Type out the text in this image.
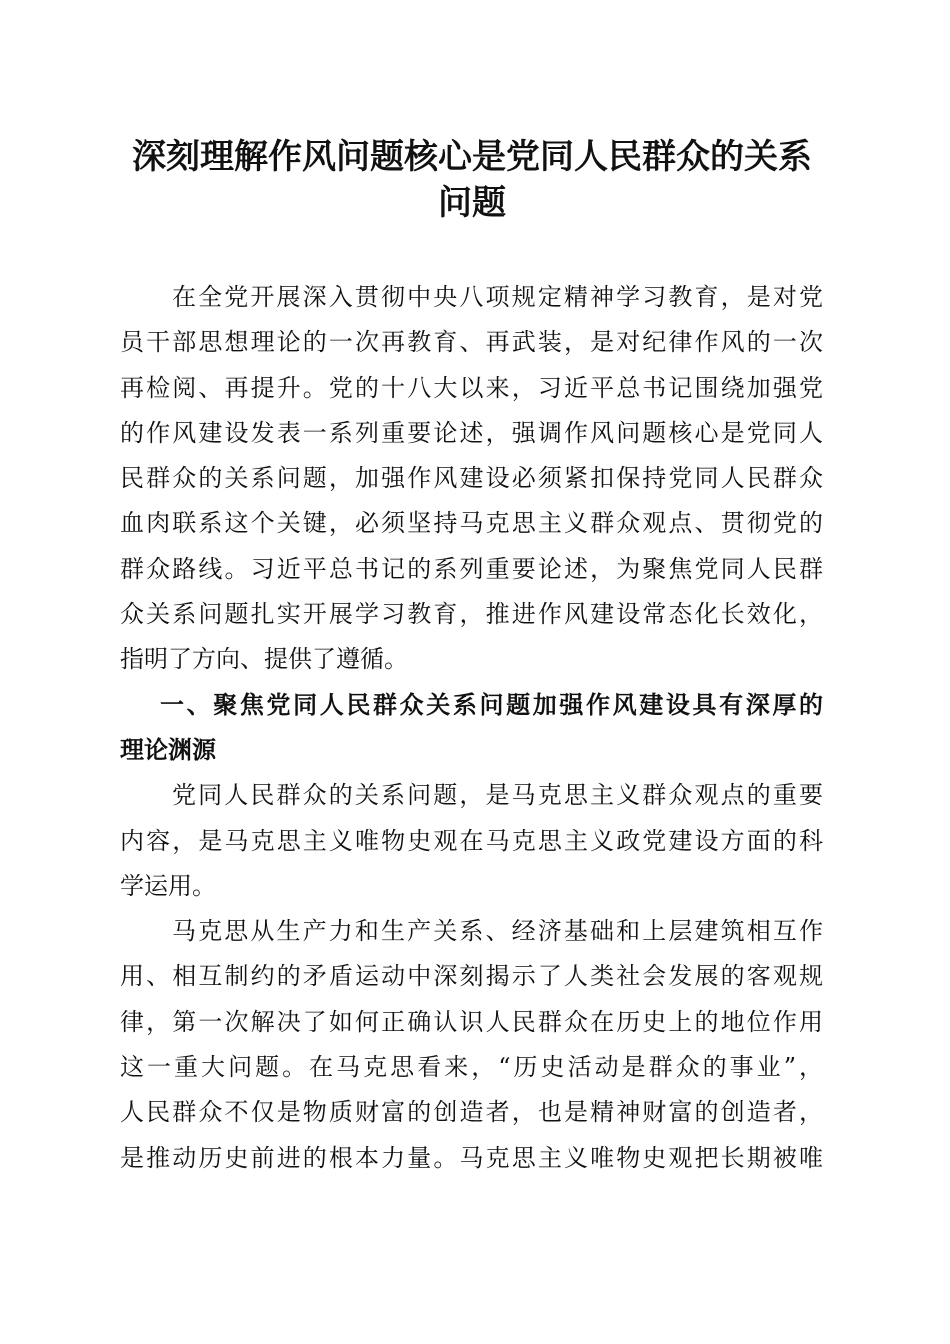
深刻理解作风问题核心是党同人民群众的关系
问题
在全党开展深入贯彻中央八项规定精神学习教育，是对党
员干部思想理论的一次再教育、再武装，是对纪律作风的一次
再检阅、再提升。党的十八大以来，习近平总书记围绕加强党
的作风建设发表一系列重要论述，强调作风问题核心是党同人
民群众的关系问题，加强作风建设必须紧扣保持党同人民群众
血肉联系这个关键，必须坚持马克思主义群众观点、贯彻党的
群众路线。习近平总书记的系列重要论述，为聚焦党同人民群
众关系问题扎实开展学习教育，推进作风建设常态化长效化，
指明了方向、提供了遵循。
一、聚焦党同人民群众关系问题加强作风建设具有深厚的
理论渊源
党同人民群众的关系问题，是马克思主义群众观点的重要
内容，是马克思主义唯物史观在马克思主义政党建设方面的科
学运用。
马克思从生产力和生产关系、经济基础和上层建筑相互作
用、相互制约的矛盾运动中深刻揭示了人类社会发展的客观规
律，第一次解决了如何正确认识人民群众在历史上的地位作用
这一重大问题。在马克思看来，“历史活动是群众的事业”，
人民群众不仅是物质财富的创造者，也是精神财富的创造者，
是推动历史前进的根本力量。马克思主义唯物史观把长期被唯
